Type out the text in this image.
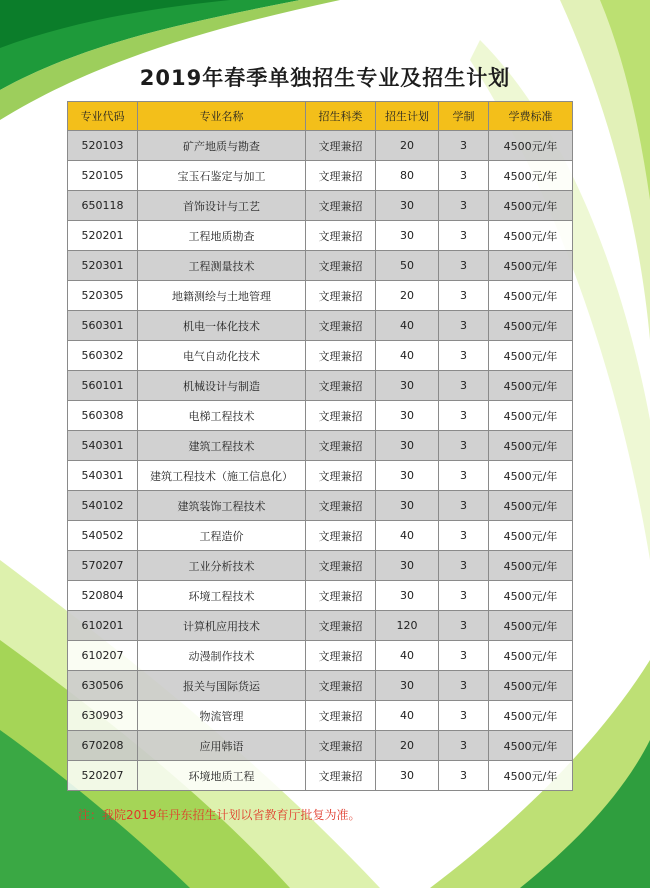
2019年春季单独招生专业及招生计划
专业代码	专业名称	招生科类	招生计划	学制	学费标准
520103	矿产地质与勘查	文理兼招	20	3	4500元/年
520105	宝玉石鉴定与加工	文理兼招	80	3	4500元/年
650118	首饰设计与工艺	文理兼招	30	3	4500元/年
520201	工程地质勘查	文理兼招	30	3	4500元/年
520301	工程测量技术	文理兼招	50	3	4500元/年
520305	地籍测绘与土地管理	文理兼招	20	3	4500元/年
560301	机电一体化技术	文理兼招	40	3	4500元/年
560302	电气自动化技术	文理兼招	40	3	4500元/年
560101	机械设计与制造	文理兼招	30	3	4500元/年
560308	电梯工程技术	文理兼招	30	3	4500元/年
540301	建筑工程技术	文理兼招	30	3	4500元/年
540301	建筑工程技术（施工信息化）	文理兼招	30	3	4500元/年
540102	建筑装饰工程技术	文理兼招	30	3	4500元/年
540502	工程造价	文理兼招	40	3	4500元/年
570207	工业分析技术	文理兼招	30	3	4500元/年
520804	环境工程技术	文理兼招	30	3	4500元/年
610201	计算机应用技术	文理兼招	120	3	4500元/年
610207	动漫制作技术	文理兼招	40	3	4500元/年
630506	报关与国际货运	文理兼招	30	3	4500元/年
630903	物流管理	文理兼招	40	3	4500元/年
670208	应用韩语	文理兼招	20	3	4500元/年
520207	环境地质工程	文理兼招	30	3	4500元/年
注：我院2019年丹东招生计划以省教育厅批复为准。
